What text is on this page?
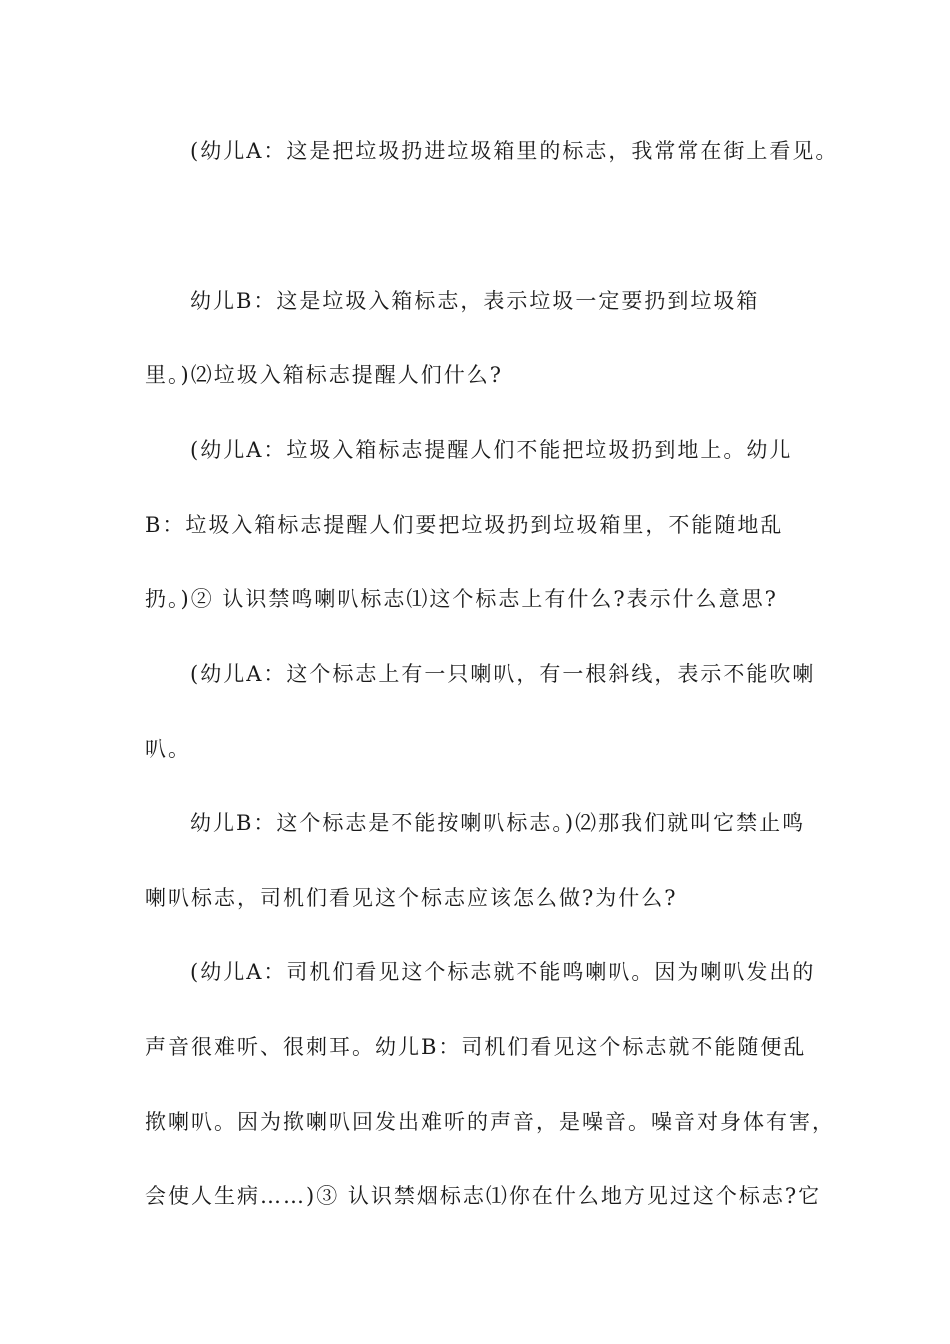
(幼儿A：这是把垃圾扔进垃圾箱里的标志，我常常在街上看见。

幼儿B：这是垃圾入箱标志，表示垃圾一定要扔到垃圾箱

里。)⑵垃圾入箱标志提醒人们什么?

(幼儿A：垃圾入箱标志提醒人们不能把垃圾扔到地上。幼儿

B：垃圾入箱标志提醒人们要把垃圾扔到垃圾箱里，不能随地乱

扔。)② 认识禁鸣喇叭标志⑴这个标志上有什么?表示什么意思?

(幼儿A：这个标志上有一只喇叭，有一根斜线，表示不能吹喇

叭。

幼儿B：这个标志是不能按喇叭标志。)⑵那我们就叫它禁止鸣

喇叭标志，司机们看见这个标志应该怎么做?为什么?

(幼儿A：司机们看见这个标志就不能鸣喇叭。因为喇叭发出的

声音很难听、很刺耳。幼儿B：司机们看见这个标志就不能随便乱

揿喇叭。因为揿喇叭回发出难听的声音，是噪音。噪音对身体有害，

会使人生病……)③ 认识禁烟标志⑴你在什么地方见过这个标志?它
